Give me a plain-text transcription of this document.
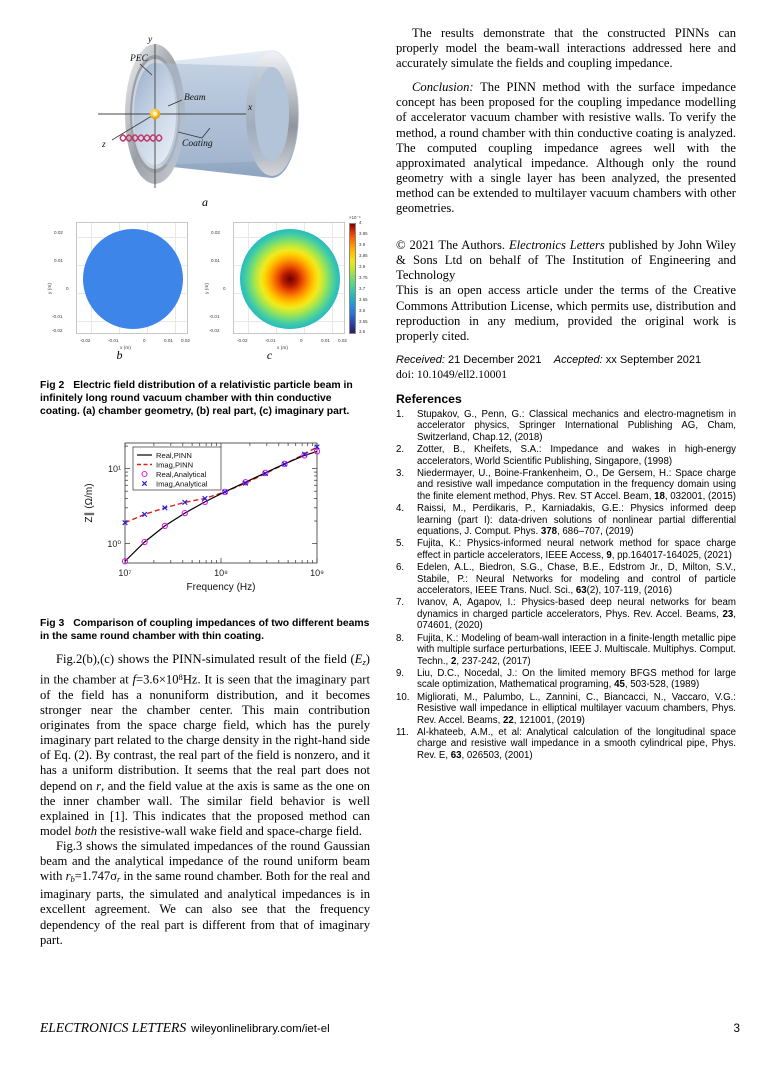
PEC
Beam
Coating
x
y
z
a
0.02
0.01
0
-0.01
-0.02
-0.02	-0.01	0	0.01 0.02
x (m)
y (m)
b
0.02
0.01
0
-0.01
-0.02
-0.02	-0.01	0	0.01 0.02
x (m)
y (m)
×10⁻⁹
4
3.95
3.9
3.85
3.8
3.75
3.7
3.65
3.6
3.55
3.5
c
Fig 2 Electric field distribution of a relativistic particle beam in infinitely long round vacuum chamber with thin conductive coating. (a) chamber geometry, (b) real part, (c) imaginary part.
10⁷	10⁸	10⁹
10⁰
10¹
Frequency (Hz)
Z∥ (Ω/m)
Real,PINN
Imag,PINN
Real,Analytical
Imag,Analytical
Fig 3 Comparison of coupling impedances of two different beams in the same round chamber with thin coating.

Fig.2(b),(c) shows the PINN-simulated result of the field $(E_z)$ in the chamber at $f=3.6\times 10^8Hz$. It is seen that the imaginary part of the field has a nonuniform distribution, and it becomes stronger near the chamber center. This main contribution originates from the space charge field, which has the purely imaginary part related to the charge density in the right-hand side of Eq. (2). By contrast, the real part of the field is nonzero, and it has a uniform distribution. It seems that the real part does not depend on r, and the field value at the axis is same as the one on the inner chamber wall. The similar field behavior is well explained in [1]. This indicates that the proposed method can model both the resistive-wall wake field and space-charge field.

Fig.3 shows the simulated impedances of the round Gaussian beam and the analytical impedance of the round uniform beam with $r_b=1.747\sigma_r$ in the same round chamber. Both for the real and imaginary parts, the simulated and analytical impedances is in excellent agreement. We can also see that the frequency dependency of the real part is different from that of imaginary part.

The results demonstrate that the constructed PINNs can properly model the beam-wall interactions addressed here and accurately simulate the fields and coupling impedance.

Conclusion: The PINN method with the surface impedance concept has been proposed for the coupling impedance modelling of accelerator vacuum chamber with resistive walls. To verify the method, a round chamber with thin conductive coating is analyzed. The computed coupling impedance agrees well with the approximated analytical impedance. Although only the round geometry with a single layer has been analyzed, the presented method can be extended to multilayer vacuum chambers with other geometries.

© 2021 The Authors. Electronics Letters published by John Wiley & Sons Ltd on behalf of The Institution of Engineering and Technology

This is an open access article under the terms of the Creative Commons Attribution License, which permits use, distribution and reproduction in any medium, provided the original work is properly cited.

Received: 21 December 2021 Accepted: xx September 2021
doi: 10.1049/ell2.10001
References
1.	Stupakov, G., Penn, G.: Classical mechanics and electro-magnetism in accelerator physics, Springer International Publishing AG, Cham, Switzerland, Chap.12, (2018)
2.	Zotter, B., Kheifets, S.A.: Impedance and wakes in high-energy accelerators, World Scientific Publishing, Singapore, (1998)
3.	Niedermayer, U., Boine-Frankenheim, O., De Gersem, H.: Space charge and resistive wall impedance computation in the frequency domain using the finite element method, Phys. Rev. ST Accel. Beam, 18, 032001, (2015)
4.	Raissi, M., Perdikaris, P., Karniadakis, G.E.: Physics informed deep learning (part I): data-driven solutions of nonlinear partial differential equations, J. Comput. Phys. 378, 686–707, (2019)
5.	Fujita, K.: Physics-informed neural network method for space charge effect in particle accelerators, IEEE Access, 9, pp.164017-164025, (2021)
6.	Edelen, A.L., Biedron, S.G., Chase, B.E., Edstrom Jr., D, Milton, S.V., Stabile, P.: Neural Networks for modeling and control of particle accelerators, IEEE Trans. Nucl. Sci., 63(2), 107-119, (2016)
7.	Ivanov, A, Agapov, I.: Physics-based deep neural networks for beam dynamics in charged particle accelerators, Phys. Rev. Accel. Beams, 23, 074601, (2020)
8.	Fujita, K.: Modeling of beam-wall interaction in a finite-length metallic pipe with multiple surface perturbations, IEEE J. Multiscale. Multiphys. Comput. Techn., 2, 237-242, (2017)
9.	Liu, D.C., Nocedal, J.: On the limited memory BFGS method for large scale optimization, Mathematical programing, 45, 503-528, (1989)
10. Migliorati, M., Palumbo, L., Zannini, C., Biancacci, N., Vaccaro, V.G.: Resistive wall impedance in elliptical multilayer vacuum chambers, Phys. Rev. Accel. Beams, 22, 121001, (2019)
11. Al-khateeb, A.M., et al: Analytical calculation of the longitudinal space charge and resistive wall impedance in a smooth cylindrical pipe, Phys. Rev. E, 63, 026503, (2001)
ELECTRONICS LETTERS wileyonlinelibrary.com/iet-el	3
